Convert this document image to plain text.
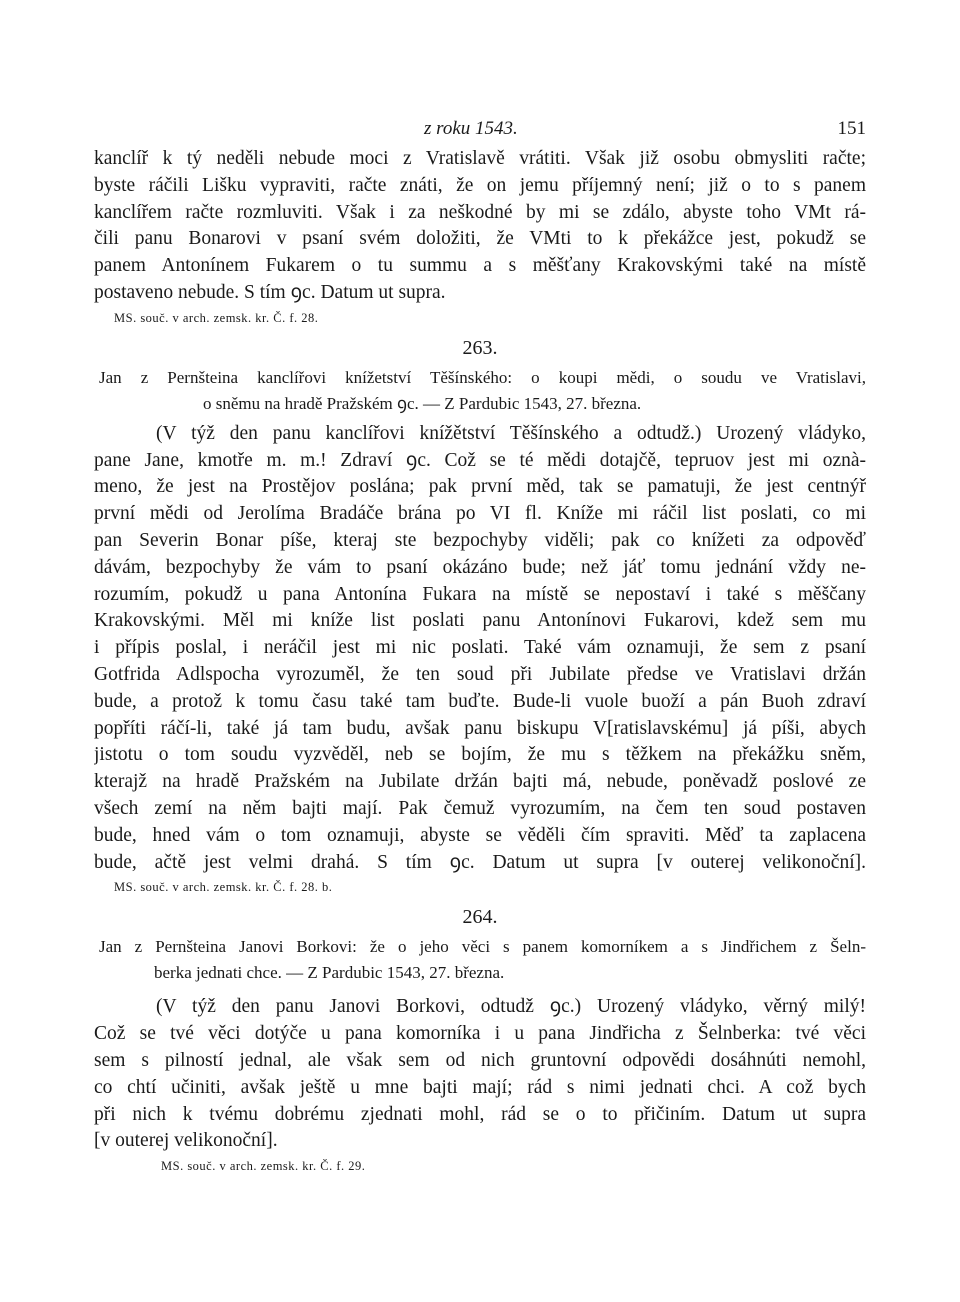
z roku 1543.	151
kanclíř k tý neděli nebude moci z Vratislavě vrátiti. Však již osobu obmysliti račte;
byste ráčili Lišku vypraviti, račte znáti, že on jemu příjemný není; již o to s panem
kanclířem račte rozmluviti. Však i za neškodné by mi se zdálo, abyste toho VMt rá-
čili panu Bonarovi v psaní svém doložiti, že VMti to k překážce jest, pokudž se
panem Antonínem Fukarem o tu summu a s měšťany Krakovskými také na místě
postaveno nebude. S tím ꝯc. Datum ut supra.
MS. souč. v arch. zemsk. kr. Č. f. 28.
263.
Jan z Pernšteina kanclířovi knížetství Těšínského: o koupi mědi, o soudu ve Vratislavi,
o sněmu na hradě Pražském ꝯc. — Z Pardubic 1543, 27. března.
(V týž den panu kanclířovi knížětství Těšínského a odtudž.) Urozený vládyko,
pane Jane, kmotře m. m.! Zdraví ꝯc. Což se té mědi dotajčě, tepruov jest mi oznà-
meno, že jest na Prostějov poslána; pak první měd, tak se pamatuji, že jest centnýř
první mědi od Jerolíma Bradáče brána po VI fl. Kníže mi ráčil list poslati, co mi
pan Severin Bonar píše, kteraj ste bezpochyby viděli; pak co knížeti za odpověď
dávám, bezpochyby že vám to psaní okázáno bude; než jáť tomu jednání vždy ne-
rozumím, pokudž u pana Antonína Fukara na místě se nepostaví i také s měščany
Krakovskými. Měl mi kníže list poslati panu Antonínovi Fukarovi, kdež sem mu
i přípis poslal, i neráčil jest mi nic poslati. Také vám oznamuji, že sem z psaní
Gotfrida Adlspocha vyrozuměl, že ten soud při Jubilate předse ve Vratislavi držán
bude, a protož k tomu času také tam buďte. Bude-li vuole buoží a pán Buoh zdraví
popříti ráčí-li, také já tam budu, avšak panu biskupu V[ratislavskému] já píši, abych
jistotu o tom soudu vyzvěděl, neb se bojím, že mu s těžkem na překážku sněm,
kterajž na hradě Pražském na Jubilate držán bajti má, nebude, poněvadž poslové ze
všech zemí na něm bajti mají. Pak čemuž vyrozumím, na čem ten soud postaven
bude, hned vám o tom oznamuji, abyste se věděli čím spraviti. Měď ta zaplacena
bude, ačtě jest velmi drahá. S tím ꝯc. Datum ut supra [v outerej velikonoční].
MS. souč. v arch. zemsk. kr. Č. f. 28. b.
264.
Jan z Pernšteina Janovi Borkovi: že o jeho věci s panem komorníkem a s Jindřichem z Šeln-
berka jednati chce. — Z Pardubic 1543, 27. března.
(V týž den panu Janovi Borkovi, odtudž ꝯc.) Urozený vládyko, věrný milý!
Což se tvé věci dotýče u pana komorníka i u pana Jindřicha z Šelnberka: tvé věci
sem s pilností jednal, ale však sem od nich gruntovní odpovědi dosáhnúti nemohl,
co chtí učiniti, avšak ještě u mne bajti mají; rád s nimi jednati chci. A což bych
při nich k tvému dobrému zjednati mohl, rád se o to přičiním. Datum ut supra
[v outerej velikonoční].
MS. souč. v arch. zemsk. kr. Č. f. 29.
